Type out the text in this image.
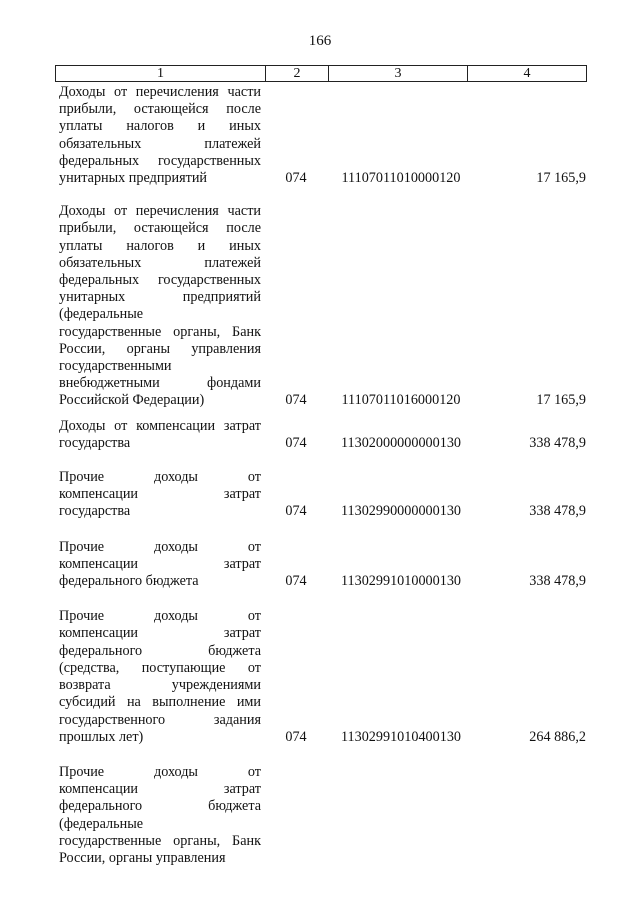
166
1	2	3	4
Доходы от перечисления части
прибыли, остающейся после
уплаты налогов и иных
обязательных платежей
федеральных государственных
унитарных предприятий	074	11107011010000120	17 165,9
Доходы от перечисления части
прибыли, остающейся после
уплаты налогов и иных
обязательных платежей
федеральных государственных
унитарных предприятий
(федеральные
государственные органы, Банк
России, органы управления
государственными
внебюджетными фондами
Российской Федерации)	074	11107011016000120	17 165,9
Доходы от компенсации затрат
государства	074	11302000000000130	338 478,9
Прочие доходы от
компенсации затрат
государства	074	11302990000000130	338 478,9
Прочие доходы от
компенсации затрат
федерального бюджета	074	11302991010000130	338 478,9
Прочие доходы от
компенсации затрат
федерального бюджета
(средства, поступающие от
возврата учреждениями
субсидий на выполнение ими
государственного задания
прошлых лет)	074	11302991010400130	264 886,2
Прочие доходы от
компенсации затрат
федерального бюджета
(федеральные
государственные органы, Банк
России, органы управления
